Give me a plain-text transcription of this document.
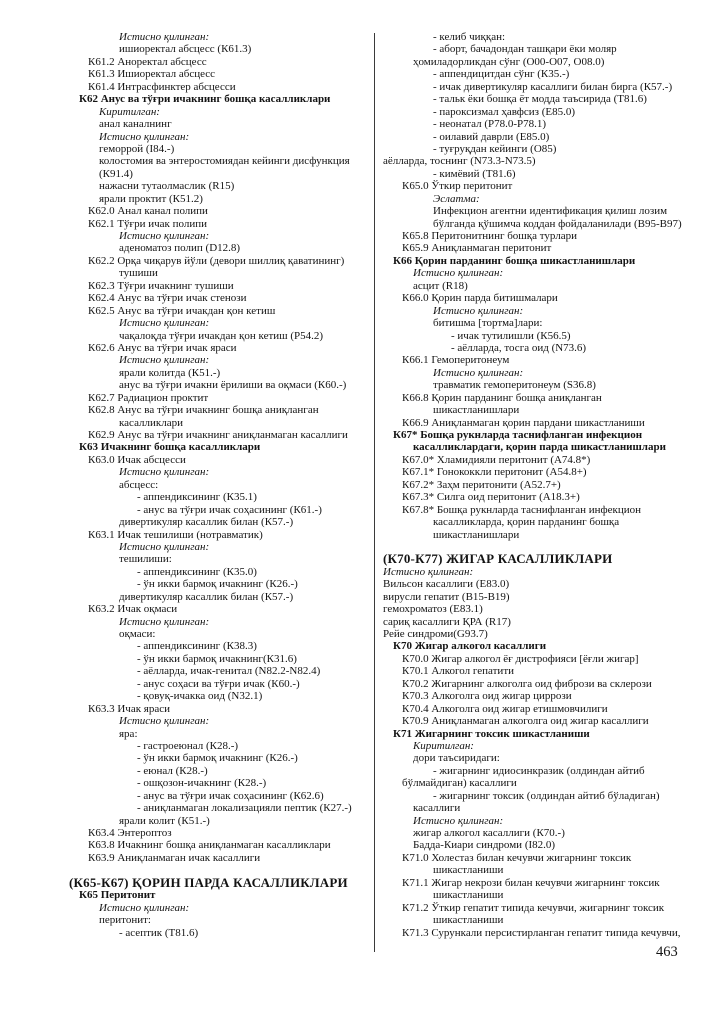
Истисно қилинган:
ишиоректал абсцесс (К61.3)
К61.2 Аноректал абсцесс
К61.3 Ишиоректал абсцесс
К61.4 Интрасфинктер абсцесси
К62 Анус ва тўғри ичакнинг бошқа касалликлари
Киритилган:
анал каналнинг
Истисно қилинган:
геморрой (I84.-)
колостомия ва энтеростомиядан кейинги дисфункция
(К91.4)
нажасни тутаолмаслик (R15)
ярали проктит (К51.2)
К62.0 Анал канал полипи
К62.1 Тўғри ичак полипи
Истисно қилинган:
аденоматоз полип (D12.8)
К62.2 Орқа чиқарув йўли (девори шиллиқ қаватининг)
тушиши
К62.3 Тўғри ичакнинг тушиши
К62.4 Анус ва тўғри ичак стенози
К62.5 Анус ва тўғри ичакдан қон кетиш
Истисно қилинган:
чақалоқда тўғри ичакдан қон кетиш (Р54.2)
К62.6 Анус ва тўғри ичак яраси
Истисно қилинган:
ярали колитда (К51.-)
анус ва тўғри ичакни ёрилиши ва оқмаси (К60.-)
К62.7 Радиацион проктит
К62.8 Анус ва тўғри ичакнинг бошқа аниқланган
касалликлари
К62.9 Анус ва тўғри ичакнинг аниқланмаган касаллиги
К63 Ичакнинг бошқа касалликлари
К63.0 Ичак абсцесси
Истисно қилинган:
абсцесс:
- аппендиксининг (К35.1)
- анус ва тўғри ичак соҳасининг (К61.-)
дивертикуляр касаллик билан (К57.-)
К63.1 Ичак тешилиши (нотравматик)
Истисно қилинган:
тешилиши:
- аппендиксининг (К35.0)
- ўн икки бармоқ ичакнинг (К26.-)
дивертикуляр касаллик билан (К57.-)
К63.2 Ичак оқмаси
Истисно қилинган:
оқмаси:
- аппендиксининг (К38.3)
- ўн икки бармоқ ичакнинг(К31.6)
- аёлларда, ичак-генитал (N82.2-N82.4)
- анус соҳаси ва тўғри ичак (К60.-)
- қовуқ-ичакка оид (N32.1)
К63.3 Ичак яраси
Истисно қилинган:
яра:
- гастроеюнал (К28.-)
- ўн икки бармоқ ичакнинг (К26.-)
- еюнал (К28.-)
- ошқозон-ичакнинг (К28.-)
- анус ва тўғри ичак соҳасининг (К62.6)
- аниқланмаган локализацияли пептик (К27.-)
ярали колит (К51.-)
К63.4 Энтероптоз
К63.8 Ичакнинг бошқа аниқланмаган касалликлари
К63.9 Аниқланмаган ичак касаллиги
(К65-К67) ҚОРИН ПАРДА КАСАЛЛИКЛАРИ
К65 Перитонит
Истисно қилинган:
перитонит:
- асептик (Т81.6)
- келиб чиққан:
- аборт, бачадондан ташқари ёки моляр
ҳомиладорликдан сўнг (О00-О07, О08.0)
- аппендицитдан сўнг (К35.-)
- ичак дивертикуляр касаллиги билан бирга (К57.-)
- тальк ёки бошқа ёт модда таъсирида (Т81.6)
- пароксизмал ҳавфсиз (Е85.0)
- неонатал (Р78.0-Р78.1)
- оилавий даврли (Е85.0)
- туғруқдан кейинги (О85)
аёлларда, тоснинг (N73.3-N73.5)
- кимёвий (Т81.6)
К65.0 Ўткир перитонит
Эслатма:
Инфекцион агентни идентификация қилиш лозим
бўлганда қўшимча коддан фойдаланилади (В95-В97)
К65.8 Перитонитнинг бошқа турлари
К65.9 Аниқланмаган перитонит
К66 Қорин парданинг бошқа шикастланишлари
Истисно қилинган:
асцит (R18)
К66.0 Қорин парда битишмалари
Истисно қилинган:
битишма [тортма]лари:
- ичак тутилишли (К56.5)
- аёлларда, тосга оид (N73.6)
К66.1 Гемоперитонеум
Истисно қилинган:
травматик гемоперитонеум (S36.8)
К66.8 Қорин парданинг бошқа аниқланган
шикастланишлари
К66.9 Аниқланмаган қорин пардани шикастланиши
К67* Бошқа рукнларда таснифланган инфекцион
касалликлардаги, қорин парда шикастланишлари
К67.0* Хламидияли перитонит (А74.8*)
К67.1* Гонококкли перитонит (А54.8+)
К67.2* Заҳм перитонити (А52.7+)
К67.3* Силга оид перитонит (А18.3+)
К67.8* Бошқа рукнларда таснифланган инфекцион
касалликларда, қорин парданинг бошқа
шикастланишлари
(К70-К77) ЖИГАР КАСАЛЛИКЛАРИ
Истисно қилинган:
Вильсон касаллиги (Е83.0)
вирусли гепатит (В15-В19)
гемохроматоз (Е83.1)
сариқ касаллиги ҚРА (R17)
Рейе синдроми(G93.7)
К70 Жигар алкогол касаллиги
К70.0 Жигар алкогол ёғ дистрофияси [ёғли жигар]
К70.1 Алкогол гепатити
К70.2 Жигарнинг алкоголга оид фибрози ва склерози
К70.3 Алкоголга оид жигар циррози
К70.4 Алкоголга оид жигар етишмовчилиги
К70.9 Аниқланмаган алкоголга оид жигар касаллиги
К71 Жигарнинг токсик шикастланиши
Киритилган:
дори таъсиридаги:
- жигарнинг идиосинкразик (олдиндан айтиб
бўлмайдиган) касаллиги
- жигарнинг токсик (олдиндан айтиб бўладиган)
касаллиги
Истисно қилинган:
жигар алкогол касаллиги (К70.-)
Бадда-Киари синдроми (I82.0)
К71.0 Холестаз билан кечувчи жигарнинг токсик
шикастланиши
К71.1 Жигар некрози билан кечувчи жигарнинг токсик
шикастланиши
К71.2 Ўткир гепатит типида кечувчи, жигарнинг токсик
шикастланиши
К71.3 Сурункали персистирланган гепатит типида кечувчи,
463
